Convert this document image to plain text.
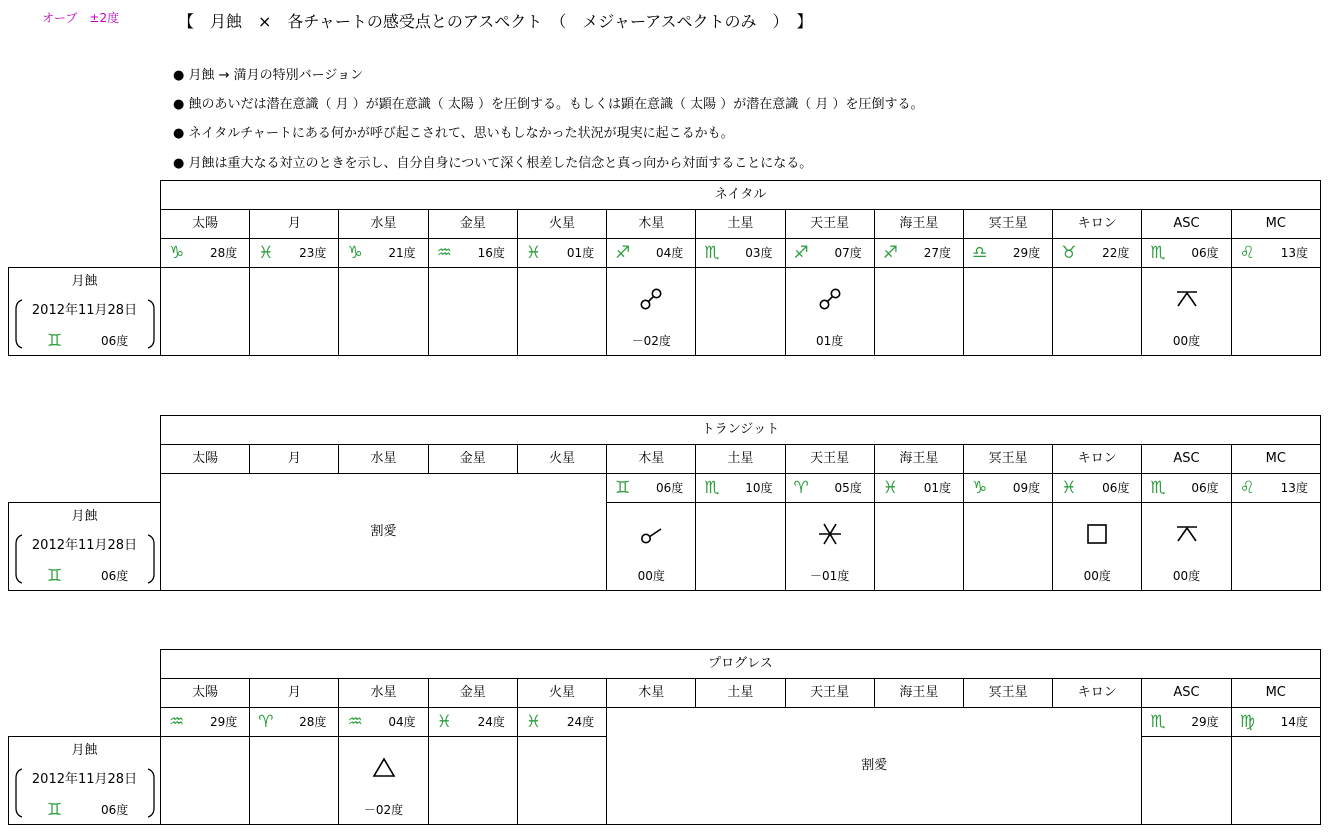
オーブ　±2度	【　月蝕　×　各チャートの感受点とのアスペクト　（　メジャーアスペクトのみ　）　】
● 月蝕 → 満月の特別バージョン
● 蝕のあいだは潜在意識（ 月 ）が顕在意識（ 太陽 ）を圧倒する。もしくは顕在意識（ 太陽 ）が潜在意識（ 月 ）を圧倒する。
● ネイタルチャートにある何かが呼び起こされて、思いもしなかった状況が現実に起こるかも。
● 月蝕は重大なる対立のときを示し、自分自身について深く根差した信念と真っ向から対面することになる。
	ネイタル												
	太陽	月	水星	金星	火星	木星	土星	天王星	海王星	冥王星	キロン	ASC	MC

	♑︎ 28度	♓︎ 23度	♑︎ 21度	♒︎ 16度	♓︎ 01度	♐︎ 04度	♏︎ 03度	♐︎ 07度	♐︎ 27度	♎︎ 29度	♉︎ 22度	♏︎ 06度	♌︎ 13度

月蝕
2012年11月28日
♊︎ 06度						－02度		01度				00度	

	トランジット												
	太陽	月	水星	金星	火星	木星	土星	天王星	海王星	冥王星	キロン	ASC	MC
	割愛					♊︎ 06度	♏︎ 10度	♈︎ 05度	♓︎ 01度	♑︎ 09度	♓︎ 06度	♏︎ 06度	♌︎ 13度

月蝕
2012年11月28日
♊︎ 06度						00度		－01度			00度	00度	

	プログレス												
	太陽	月	水星	金星	火星	木星	土星	天王星	海王星	冥王星	キロン	ASC	MC

	♒︎ 29度	♈︎ 28度	♒︎ 04度	♓︎ 24度	♓︎ 24度	割愛						♏︎ 29度	♍︎ 14度

月蝕
2012年11月28日
♊︎ 06度			－02度										
